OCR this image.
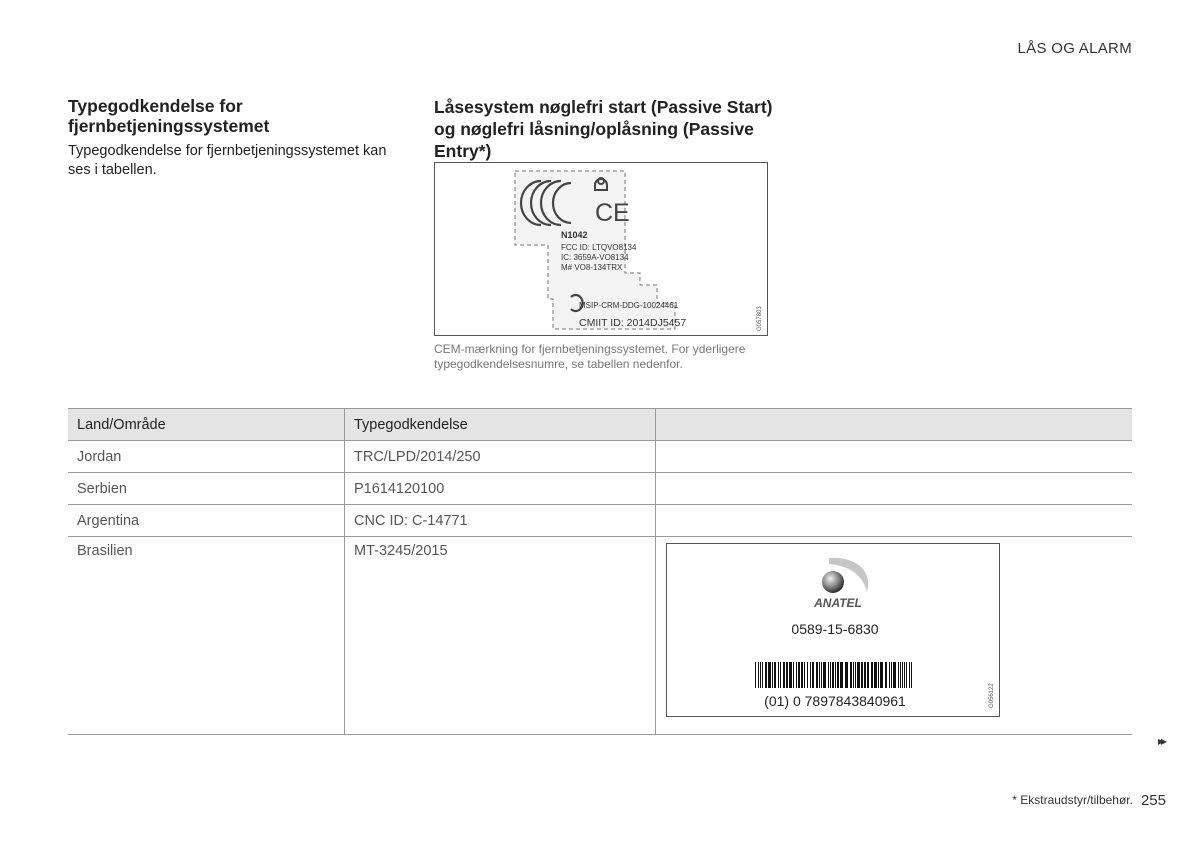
LÅS OG ALARM
Typegodkendelse for fjernbetjeningssystemet

Typegodkendelse for fjernbetjeningssystemet kan ses i tabellen.

Låsesystem nøglefri start (Passive Start) og nøglefri låsning/oplåsning (Passive Entry*)
CE
N1042
FCC ID: LTQVO8134
IC: 3659A-VO8134
M# VO8-134TRX
MSIP-CRM-DDG-10024461
CMIIT ID: 2014DJ5457	G057803
CEM-mærkning for fjernbetjeningssystemet. For yderligere typegodkendelsesnumre, se tabellen nedenfor.
Land/Område	Typegodkendelse	
Jordan	TRC/LPD/2014/250	
Serbien	P1614120100	
Argentina	CNC ID: C-14771	
Brasilien	MT-3245/2015	ANATEL
0589-15-6830
(01) 0 7897843840961 G056122
▸▸
* Ekstraudstyr/tilbehør. 255
